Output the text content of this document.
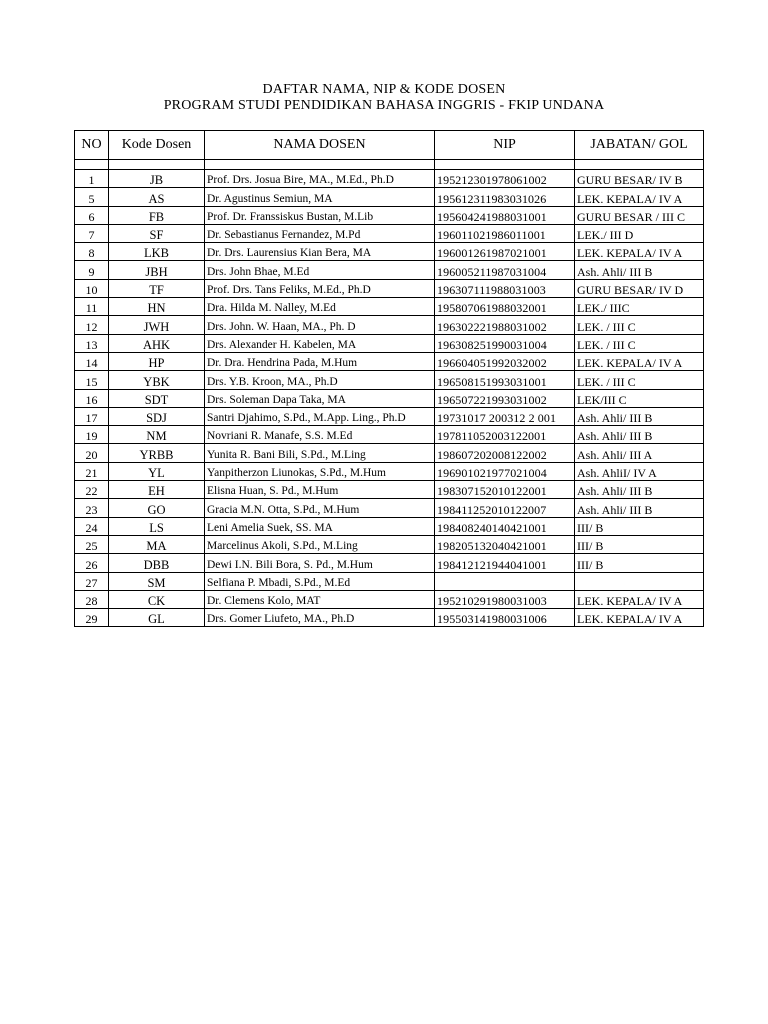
DAFTAR NAMA, NIP & KODE DOSEN
PROGRAM STUDI PENDIDIKAN BAHASA INGGRIS - FKIP UNDANA
NO	Kode Dosen	NAMA DOSEN	NIP	JABATAN/ GOL

1	JB	Prof. Drs. Josua Bire, MA., M.Ed., Ph.D	195212301978061002	GURU BESAR/ IV B
5	AS	Dr. Agustinus Semiun, MA	195612311983031026	LEK. KEPALA/ IV A
6	FB	Prof. Dr. Franssiskus Bustan, M.Lib	195604241988031001	GURU BESAR / III C
7	SF	Dr. Sebastianus Fernandez, M.Pd	196011021986011001	LEK./ III D
8	LKB	Dr. Drs. Laurensius Kian Bera, MA	196001261987021001	LEK. KEPALA/ IV A
9	JBH	Drs. John Bhae, M.Ed	196005211987031004	Ash. Ahli/ III B
10	TF	Prof. Drs. Tans Feliks, M.Ed., Ph.D	196307111988031003	GURU BESAR/ IV D
11	HN	Dra. Hilda M. Nalley, M.Ed	195807061988032001	LEK./ IIIC
12	JWH	Drs. John. W. Haan, MA., Ph. D	196302221988031002	LEK. / III C
13	AHK	Drs. Alexander H. Kabelen, MA	196308251990031004	LEK. / III C
14	HP	Dr. Dra. Hendrina Pada, M.Hum	196604051992032002	LEK. KEPALA/ IV A
15	YBK	Drs. Y.B. Kroon, MA., Ph.D	196508151993031001	LEK. / III C
16	SDT	Drs. Soleman Dapa Taka, MA	196507221993031002	LEK/III C
17	SDJ	Santri Djahimo, S.Pd., M.App. Ling., Ph.D	19731017 200312 2 001	Ash. Ahli/ III B
19	NM	Novriani R. Manafe, S.S. M.Ed	197811052003122001	Ash. Ahli/ III B
20	YRBB	Yunita R. Bani Bili, S.Pd., M.Ling	198607202008122002	Ash. Ahli/ III A
21	YL	Yanpitherzon Liunokas, S.Pd., M.Hum	196901021977021004	Ash. AhliI/ IV A
22	EH	Elisna Huan, S. Pd., M.Hum	198307152010122001	Ash. Ahli/ III B
23	GO	Gracia M.N. Otta, S.Pd., M.Hum	198411252010122007	Ash. Ahli/ III B
24	LS	Leni Amelia Suek, SS. MA	198408240140421001	III/ B
25	MA	Marcelinus Akoli, S.Pd., M.Ling	198205132040421001	III/ B
26	DBB	Dewi I.N. Bili Bora, S. Pd., M.Hum	198412121944041001	III/ B
27	SM	Selfiana P. Mbadi, S.Pd., M.Ed		
28	CK	Dr. Clemens Kolo, MAT	195210291980031003	LEK. KEPALA/ IV A
29	GL	Drs. Gomer Liufeto, MA., Ph.D	195503141980031006	LEK. KEPALA/ IV A
